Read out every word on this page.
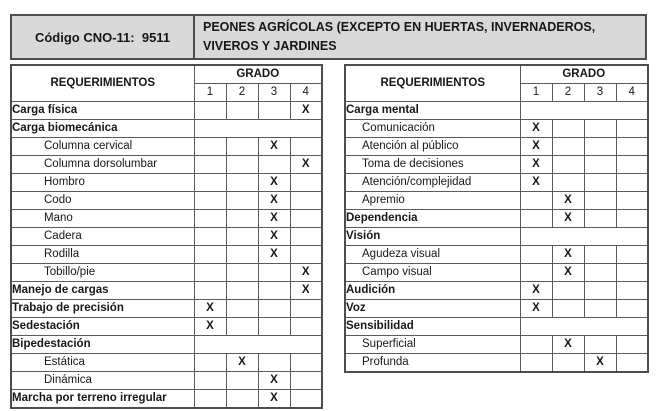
Código CNO-11:  9511
PEONES AGRÍCOLAS (EXCEPTO EN HUERTAS, INVERNADEROS,
VIVEROS Y JARDINES
REQUERIMIENTOS	GRADO			
	1	2	3	4
Carga física				X
Carga biomecánica				
Columna cervical			X	
Columna dorsolumbar				X
Hombro			X	
Codo			X	
Mano			X	
Cadera			X	
Rodilla			X	
Tobillo/pie				X
Manejo de cargas				X
Trabajo de precisión	X			
Sedestación	X			
Bipedestación				
Estática		X		
Dinámica			X	
Marcha por terreno irregular			X	
REQUERIMIENTOS	GRADO			
	1	2	3	4
Carga mental				
Comunicación	X			
Atención al público	X			
Toma de decisiones	X			
Atención/complejidad	X			
Apremio		X		
Dependencia		X		
Visión				
Agudeza visual		X		
Campo visual		X		
Audición	X			
Voz	X			
Sensibilidad				
Superficial		X		
Profunda			X	
